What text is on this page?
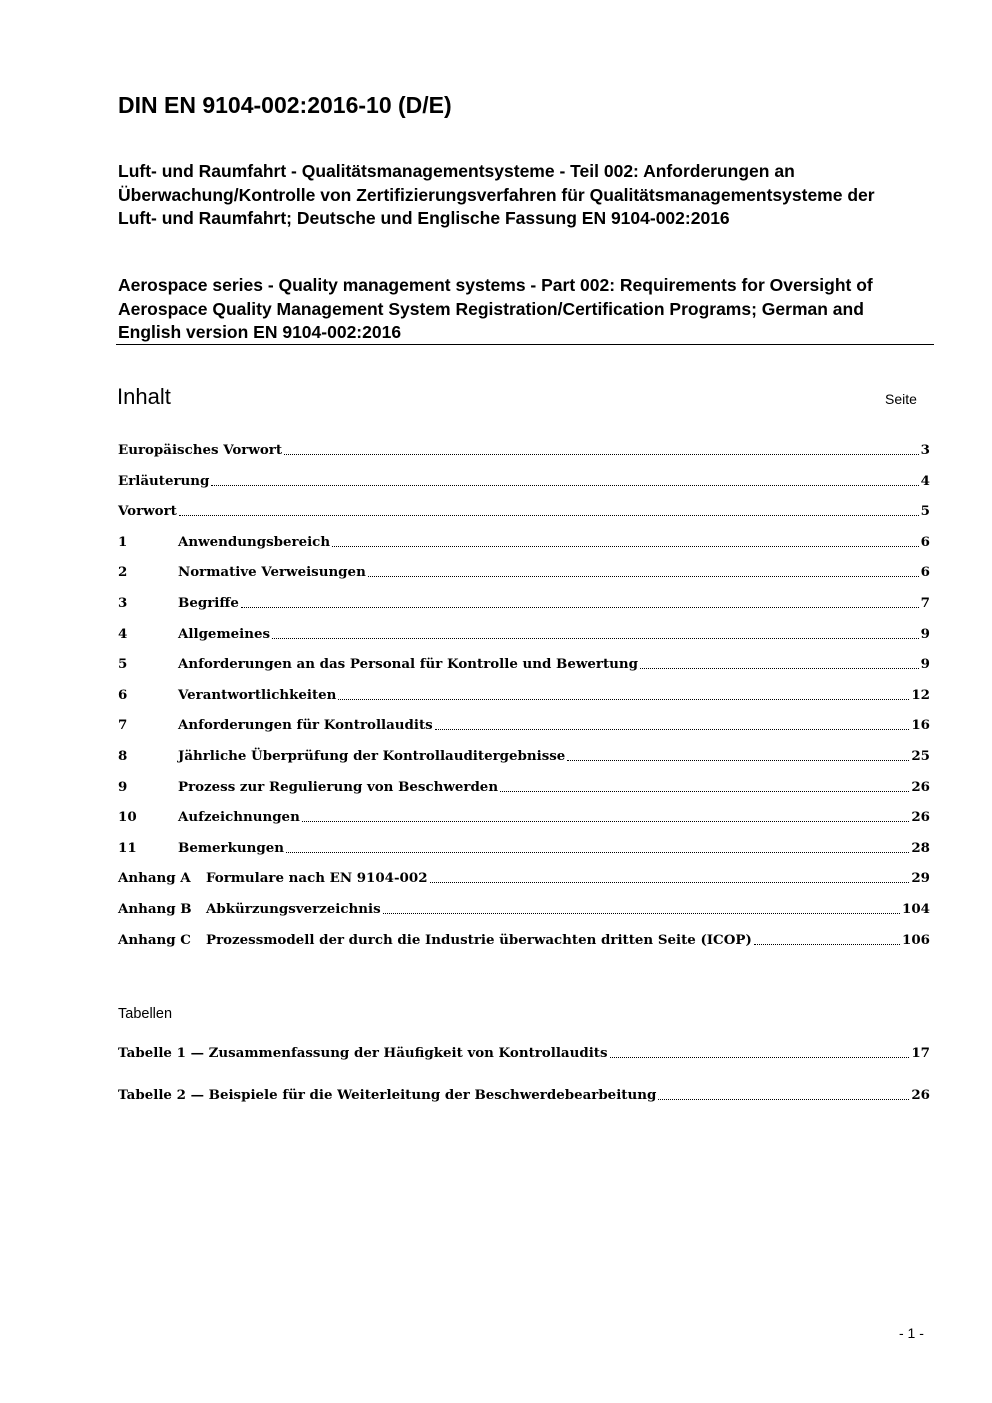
DIN EN 9104-002:2016-10 (D/E)
Luft- und Raumfahrt - Qualitätsmanagementsysteme - Teil 002: Anforderungen an Überwachung/Kontrolle von Zertifizierungsverfahren für Qualitätsmanagementsysteme der Luft- und Raumfahrt; Deutsche und Englische Fassung EN 9104-002:2016
Aerospace series - Quality management systems - Part 002: Requirements for Oversight of Aerospace Quality Management System Registration/Certification Programs; German and English version EN 9104-002:2016
Inhalt	Seite
Europäisches Vorwort	3
Erläuterung	4
Vorwort	5
1	Anwendungsbereich	6
2	Normative Verweisungen	6
3	Begriffe	7
4	Allgemeines	9
5	Anforderungen an das Personal für Kontrolle und Bewertung	9
6	Verantwortlichkeiten	12
7	Anforderungen für Kontrollaudits	16
8	Jährliche Überprüfung der Kontrollauditergebnisse	25
9	Prozess zur Regulierung von Beschwerden	26
10	Aufzeichnungen	26
11	Bemerkungen	28
Anhang A	Formulare nach EN 9104-002	29
Anhang B	Abkürzungsverzeichnis	104
Anhang C	Prozessmodell der durch die Industrie überwachten dritten Seite (ICOP)	106
Tabellen
Tabelle 1 — Zusammenfassung der Häufigkeit von Kontrollaudits	17
Tabelle 2 — Beispiele für die Weiterleitung der Beschwerdebearbeitung	26
- 1 -
